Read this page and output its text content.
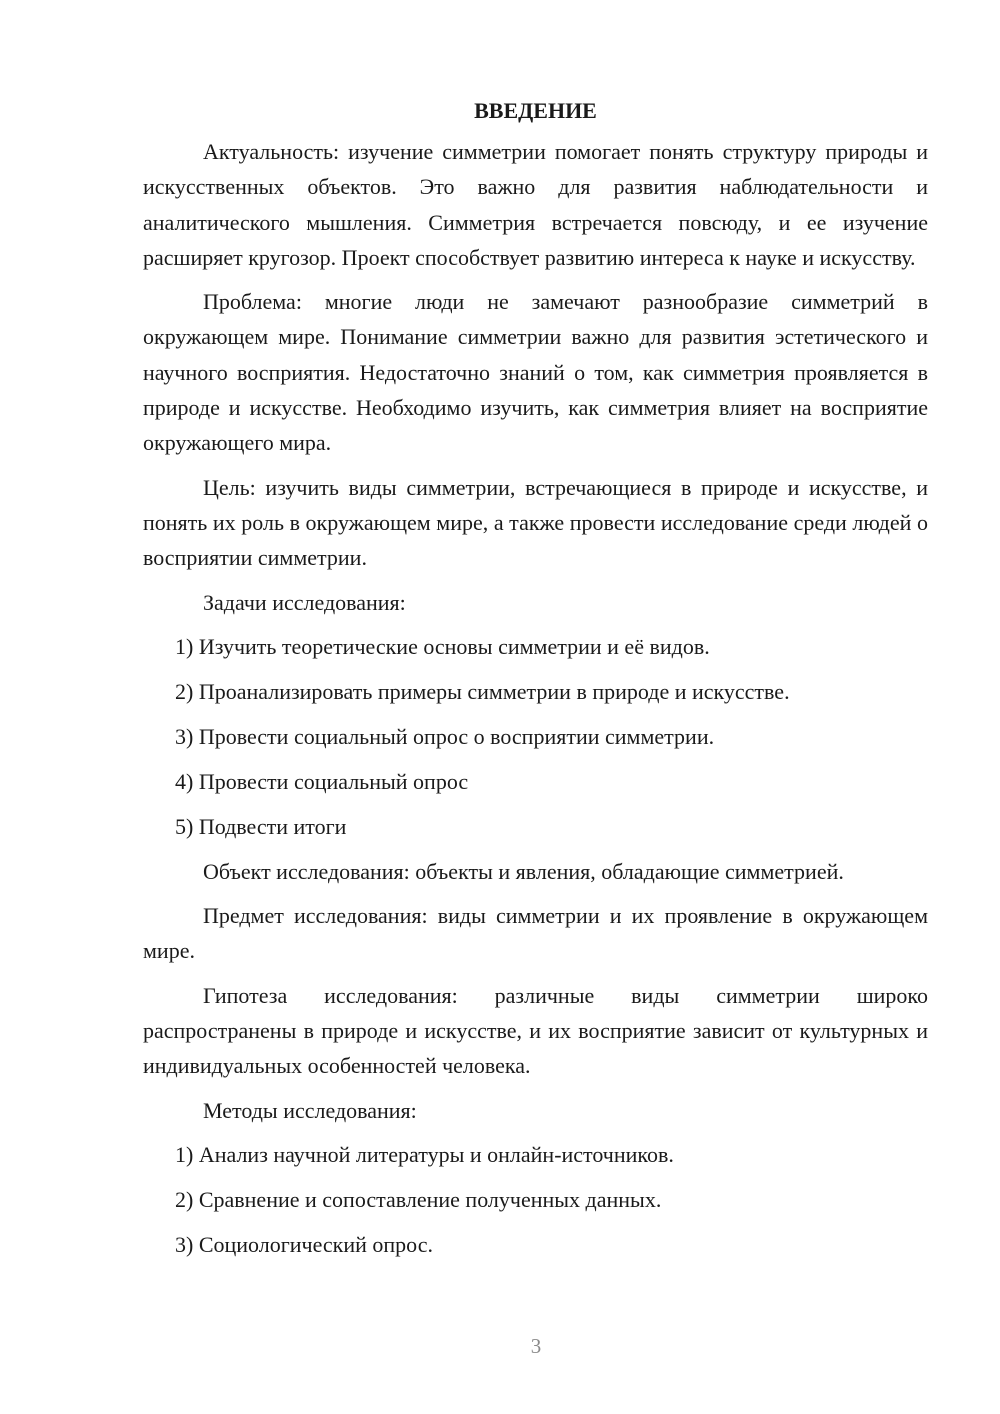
ВВЕДЕНИЕ

Актуальность: изучение симметрии помогает понять структуру природы и искусственных объектов. Это важно для развития наблюдательности и аналитического мышления. Симметрия встречается повсюду, и ее изучение расширяет кругозор. Проект способствует развитию интереса к науке и искусству.

Проблема: многие люди не замечают разнообразие симметрий в окружающем мире. Понимание симметрии важно для развития эстетического и научного восприятия. Недостаточно знаний о том, как симметрия проявляется в природе и искусстве. Необходимо изучить, как симметрия влияет на восприятие окружающего мира.

Цель: изучить виды симметрии, встречающиеся в природе и искусстве, и понять их роль в окружающем мире, а также провести исследование среди людей о восприятии симметрии.

Задачи исследования:
1) Изучить теоретические основы симметрии и её видов.
2) Проанализировать примеры симметрии в природе и искусстве.
3) Провести социальный опрос о восприятии симметрии.
4) Провести социальный опрос
5) Подвести итоги

Объект исследования: объекты и явления, обладающие симметрией.

Предмет исследования: виды симметрии и их проявление в окружающем мире.

Гипотеза исследования: различные виды симметрии широко распространены в природе и искусстве, и их восприятие зависит от культурных и индивидуальных особенностей человека.

Методы исследования:
1) Анализ научной литературы и онлайн-источников.
2) Сравнение и сопоставление полученных данных.
3) Социологический опрос.
3
